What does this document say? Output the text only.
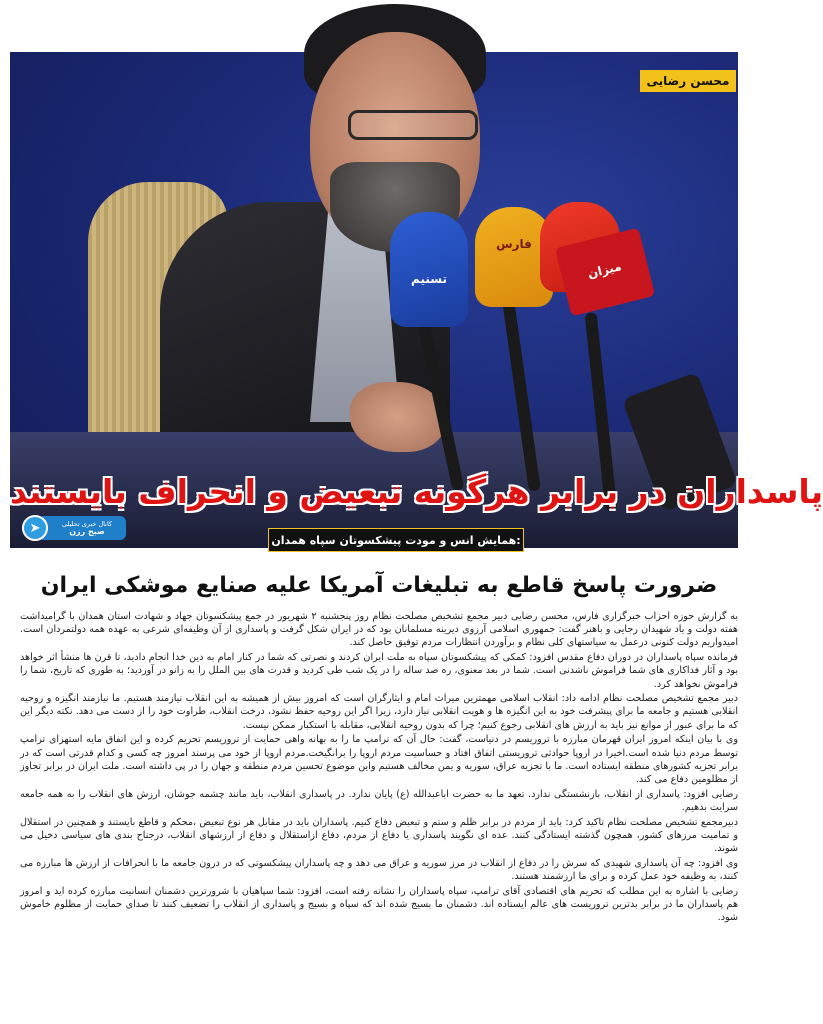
تسنیم
فارس
میزان
محسن رضایی
پاسداران در برابر هرگونه تبعیض و انحراف بایستند
➤	کانال خبری تحلیلی
صبح رزن
همایش انس و مودت پیشکسوتان سپاه همدان:
ضرورت پاسخ قاطع به تبلیغات آمریکا علیه صنایع موشکی ایران

به گزارش حوزه احزاب خبرگزاری فارس، محسن رضایی دبیر مجمع تشخیص مصلحت نظام روز پنجشنبه ۲ شهریور در جمع پیشکسوتان جهاد و شهادت استان همدان با گرامیداشت هفته دولت و یاد شهیدان رجایی و باهنر گفت: جمهوری اسلامی آرزوی دیرینه مسلمانان بود که در ایران شکل گرفت و پاسداری از آن وظیفه‌ای شرعی به عهده همه دولتمردان است. امیدواریم دولت کنونی درعمل به سیاستهای کلی نظام و برآوردن انتظارات مردم توفیق حاصل کند.

فرمانده سپاه پاسداران در دوران دفاع مقدس افزود: کمکی که پیشکسوتان سپاه به ملت ایران کردند و نصرتی که شما در کنار امام به دین خدا انجام دادید، تا قرن ها منشأ اثر خواهد بود و آثار فداکاری های شما فراموش ناشدنی است. شما در بعد معنوی، ره صد ساله را در یک شب طی کردید و قدرت های بین الملل را به زانو در آوردید؛ به طوری که تاریخ، شما را فراموش نخواهد کرد.

دبیر مجمع تشخیص مصلحت نظام ادامه داد: انقلاب اسلامی مهمترین میراث امام و ایثارگران است که امروز بیش از همیشه به این انقلاب نیازمند هستیم. ما نیازمند انگیزه و روحیه انقلابی هستیم و جامعه ما برای پیشرفت خود به این انگیزه ها و هویت انقلابی نیاز دارد، زیرا اگر این روحیه حفظ نشود، درخت انقلاب، طراوت خود را از دست می دهد. نکته دیگر این که ما برای عبور از موانع نیز باید به ارزش های انقلابی رجوع کنیم؛ چرا که بدون روحیه انقلابی، مقابله با استکبار ممکن نیست.

وی با بیان اینکه امروز ایران قهرمان مبارزه با تروریسم در دنیاست، گفت: حال آن که ترامپ ما را به بهانه واهی حمایت از تروریسم تحریم کرده و این اتفاق مایه استهزای ترامپ توسط مردم دنیا شده است.اخیرا در اروپا حوادثی تروریستی اتفاق افتاد و حساسیت مردم اروپا را برانگیخت.مردم اروپا از خود می پرسند امروز چه کسی و کدام قدرتی است که در برابر تجزیه کشورهای منطقه ایستاده است. ما با تجزیه عراق، سوریه و یمن مخالف هستیم واین موضوع تحسین مردم منطقه و جهان را در پی داشته است. ملت ایران در برابر تجاوز از مظلومین دفاع می کند.

رضایی افزود: پاسداری از انقلاب، بازنشستگی ندارد. تعهد ما به حضرت اباعبدالله (ع) پایان ندارد. در پاسداری انقلاب، باید مانند چشمه جوشان، ارزش های انقلاب را به همه جامعه سرایت بدهیم.

دبیرمجمع تشخیص مصلحت نظام تاکید کرد: باید از مردم در برابر ظلم و ستم و تبعیض دفاع کنیم. پاسداران باید در مقابل هر نوع تبعیض ،محکم و قاطع بایستند و همچنین در استقلال و تمامیت مرزهای کشور، همچون گذشته ایستادگی کنند. عده ای نگویند پاسداری یا دفاع از مردم، دفاع ازاستقلال و دفاع از ارزشهای انقلاب، درجناح بندی های سیاسی دخیل می شوند.

وی افزود: چه آن پاسداری شهیدی که سرش را در دفاع از انقلاب در مرز سوریه و عراق می دهد و چه پاسداران پیشکسوتی که در درون جامعه ما با انحرافات از ارزش ها مبارزه می کنند، به وظیفه خود عمل کرده و برای ما ارزشمند هستند.

رضایی با اشاره به این مطلب که تحریم های اقتصادی آقای ترامپ، سپاه پاسداران را نشانه رفته است، افزود: شما سپاهیان با شرورترین دشمنان انسانیت مبارزه کرده اید و امروز هم پاسداران ما در برابر بدترین تروریست های عالم ایستاده اند. دشمنان ما بسیج شده اند که سپاه و بسیج و پاسداری از انقلاب را تضعیف کنند تا صدای حمایت از مظلوم خاموش شود.
